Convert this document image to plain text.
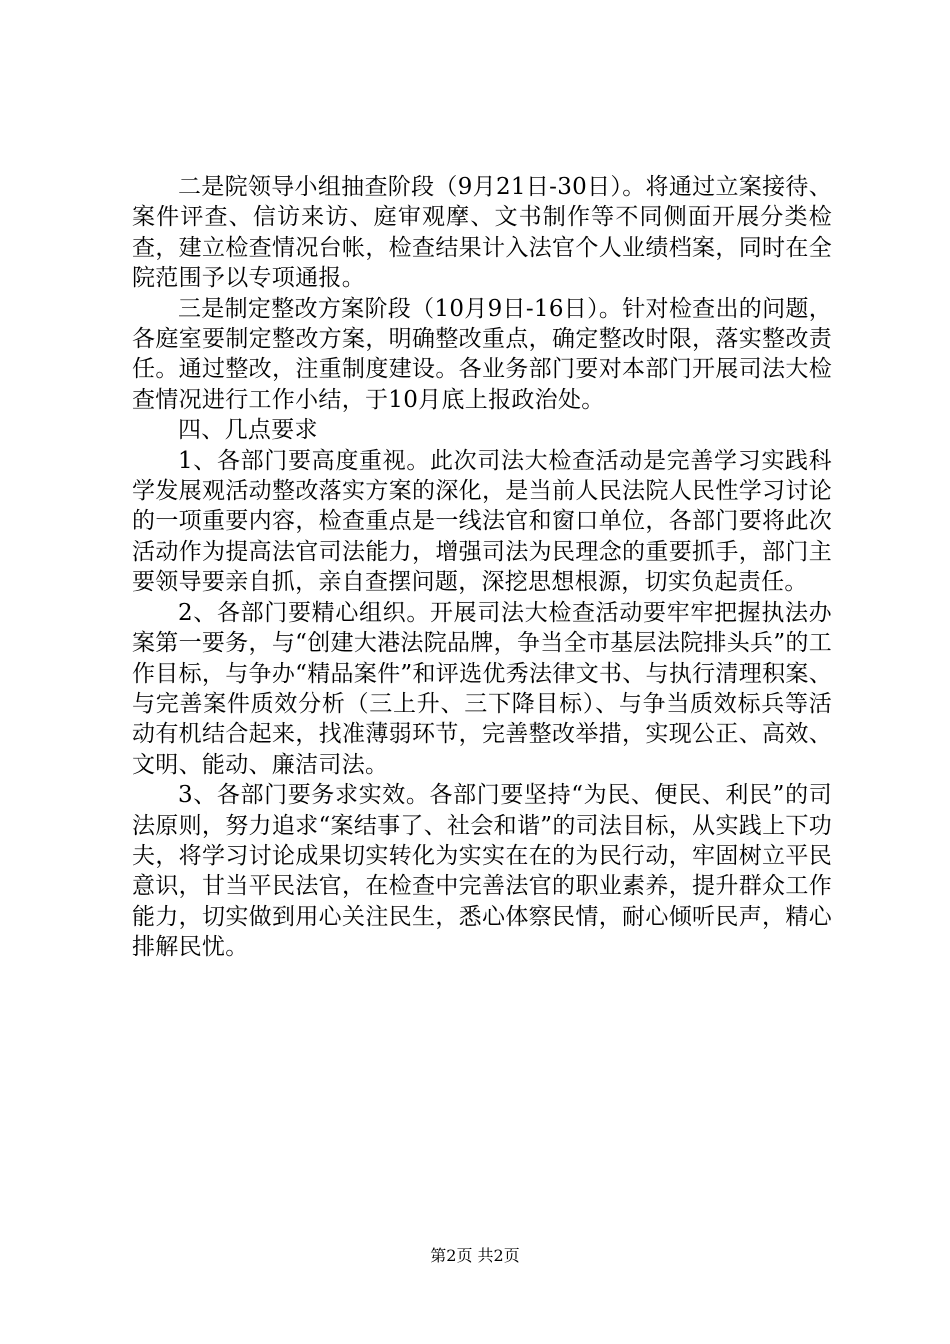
二是院领导小组抽查阶段（9月21日-30日）。将通过立案接待、案件评查、信访来访、庭审观摩、文书制作等不同侧面开展分类检查，建立检查情况台帐，检查结果计入法官个人业绩档案，同时在全院范围予以专项通报。

三是制定整改方案阶段（10月9日-16日）。针对检查出的问题，各庭室要制定整改方案，明确整改重点，确定整改时限，落实整改责任。通过整改，注重制度建设。各业务部门要对本部门开展司法大检查情况进行工作小结，于10月底上报政治处。

四、几点要求

1、各部门要高度重视。此次司法大检查活动是完善学习实践科学发展观活动整改落实方案的深化，是当前人民法院人民性学习讨论的一项重要内容，检查重点是一线法官和窗口单位，各部门要将此次活动作为提高法官司法能力，增强司法为民理念的重要抓手，部门主要领导要亲自抓，亲自查摆问题，深挖思想根源，切实负起责任。

2、各部门要精心组织。开展司法大检查活动要牢牢把握执法办案第一要务，与“创建大港法院品牌，争当全市基层法院排头兵”的工作目标，与争办“精品案件”和评选优秀法律文书、与执行清理积案、与完善案件质效分析（三上升、三下降目标）、与争当质效标兵等活动有机结合起来，找准薄弱环节，完善整改举措，实现公正、高效、文明、能动、廉洁司法。

3、各部门要务求实效。各部门要坚持“为民、便民、利民”的司法原则，努力追求“案结事了、社会和谐”的司法目标，从实践上下功夫，将学习讨论成果切实转化为实实在在的为民行动，牢固树立平民意识，甘当平民法官，在检查中完善法官的职业素养，提升群众工作能力，切实做到用心关注民生，悉心体察民情，耐心倾听民声，精心排解民忧。

第2页 共2页
